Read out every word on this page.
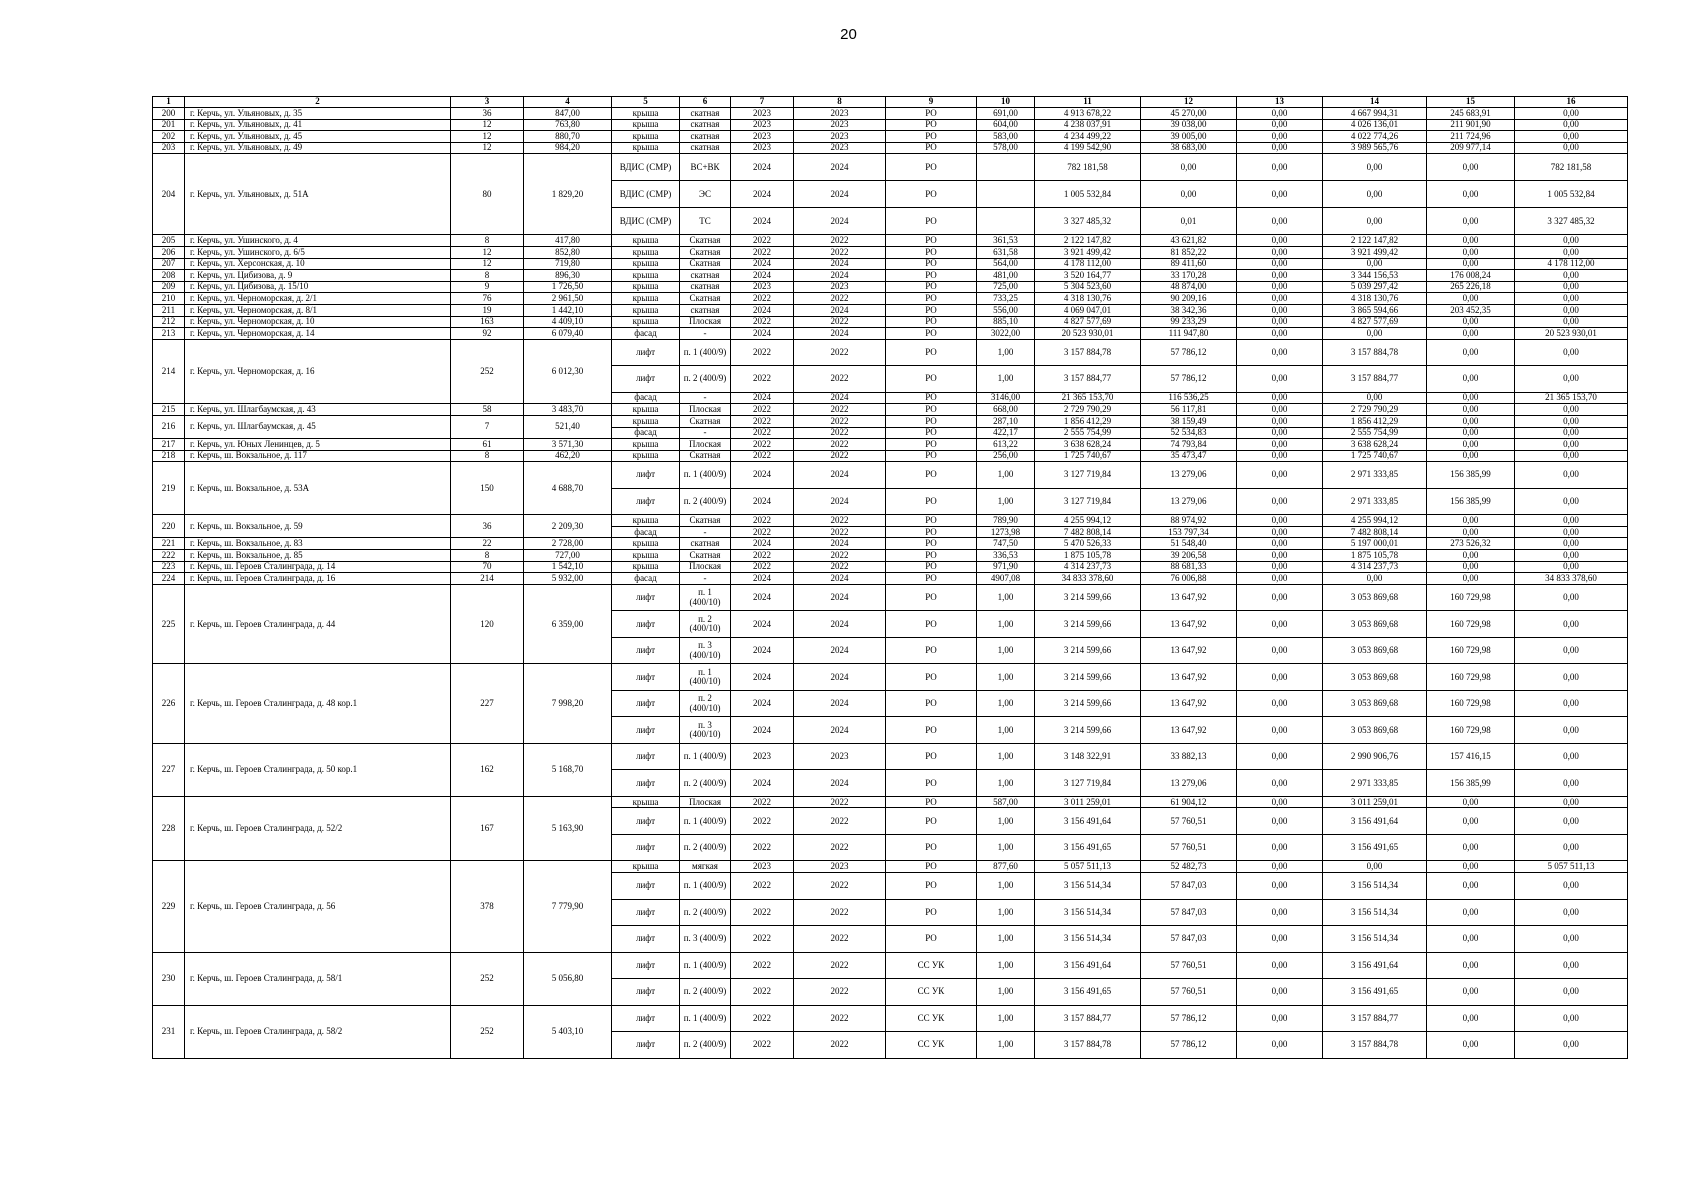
20
1	2	3	4	5	6	7	8	9	10	11	12	13	14	15	16
200	г. Керчь, ул. Ульяновых, д. 35	36	847,00	крыша	скатная	2023	2023	РО	691,00	4 913 678,22	45 270,00	0,00	4 667 994,31	245 683,91	0,00
201	г. Керчь, ул. Ульяновых, д. 41	12	763,80	крыша	скатная	2023	2023	РО	604,00	4 238 037,91	39 038,00	0,00	4 026 136,01	211 901,90	0,00
202	г. Керчь, ул. Ульяновых, д. 45	12	880,70	крыша	скатная	2023	2023	РО	583,00	4 234 499,22	39 005,00	0,00	4 022 774,26	211 724,96	0,00
203	г. Керчь, ул. Ульяновых, д. 49	12	984,20	крыша	скатная	2023	2023	РО	578,00	4 199 542,90	38 683,00	0,00	3 989 565,76	209 977,14	0,00
204	г. Керчь, ул. Ульяновых, д. 51А	80	1 829,20	ВДИС (СМР)	ВС+ВК	2024	2024	РО		782 181,58	0,00	0,00	0,00	0,00	782 181,58
				ВДИС (СМР)	ЭС	2024	2024	РО		1 005 532,84	0,00	0,00	0,00	0,00	1 005 532,84
				ВДИС (СМР)	ТС	2024	2024	РО		3 327 485,32	0,01	0,00	0,00	0,00	3 327 485,32
205	г. Керчь, ул. Ушинского, д. 4	8	417,80	крыша	Скатная	2022	2022	РО	361,53	2 122 147,82	43 621,82	0,00	2 122 147,82	0,00	0,00
206	г. Керчь, ул. Ушинского, д. 6/5	12	852,80	крыша	Скатная	2022	2022	РО	631,58	3 921 499,42	81 852,22	0,00	3 921 499,42	0,00	0,00
207	г. Керчь, ул. Херсонская, д. 10	12	719,80	крыша	Скатная	2024	2024	РО	564,00	4 178 112,00	89 411,60	0,00	0,00	0,00	4 178 112,00
208	г. Керчь, ул. Цибизова, д. 9	8	896,30	крыша	скатная	2024	2024	РО	481,00	3 520 164,77	33 170,28	0,00	3 344 156,53	176 008,24	0,00
209	г. Керчь, ул. Цибизова, д. 15/10	9	1 726,50	крыша	скатная	2023	2023	РО	725,00	5 304 523,60	48 874,00	0,00	5 039 297,42	265 226,18	0,00
210	г. Керчь, ул. Черноморская, д. 2/1	76	2 961,50	крыша	Скатная	2022	2022	РО	733,25	4 318 130,76	90 209,16	0,00	4 318 130,76	0,00	0,00
211	г. Керчь, ул. Черноморская, д. 8/1	19	1 442,10	крыша	скатная	2024	2024	РО	556,00	4 069 047,01	38 342,36	0,00	3 865 594,66	203 452,35	0,00
212	г. Керчь, ул. Черноморская, д. 10	163	4 409,10	крыша	Плоская	2022	2022	РО	885,10	4 827 577,69	99 233,29	0,00	4 827 577,69	0,00	0,00
213	г. Керчь, ул. Черноморская, д. 14	92	6 079,40	фасад	-	2024	2024	РО	3022,00	20 523 930,01	111 947,80	0,00	0,00	0,00	20 523 930,01
214	г. Керчь, ул. Черноморская, д. 16	252	6 012,30	лифт	п. 1 (400/9)	2022	2022	РО	1,00	3 157 884,78	57 786,12	0,00	3 157 884,78	0,00	0,00
				лифт	п. 2 (400/9)	2022	2022	РО	1,00	3 157 884,77	57 786,12	0,00	3 157 884,77	0,00	0,00
				фасад	-	2024	2024	РО	3146,00	21 365 153,70	116 536,25	0,00	0,00	0,00	21 365 153,70
215	г. Керчь, ул. Шлагбаумская, д. 43	58	3 483,70	крыша	Плоская	2022	2022	РО	668,00	2 729 790,29	56 117,81	0,00	2 729 790,29	0,00	0,00
216	г. Керчь, ул. Шлагбаумская, д. 45	7	521,40	крыша	Скатная	2022	2022	РО	287,10	1 856 412,29	38 159,49	0,00	1 856 412,29	0,00	0,00
				фасад	-	2022	2022	РО	422,17	2 555 754,99	52 534,83	0,00	2 555 754,99	0,00	0,00
217	г. Керчь, ул. Юных Ленинцев, д. 5	61	3 571,30	крыша	Плоская	2022	2022	РО	613,22	3 638 628,24	74 793,84	0,00	3 638 628,24	0,00	0,00
218	г. Керчь, ш. Вокзальное, д. 117	8	462,20	крыша	Скатная	2022	2022	РО	256,00	1 725 740,67	35 473,47	0,00	1 725 740,67	0,00	0,00
219	г. Керчь, ш. Вокзальное, д. 53А	150	4 688,70	лифт	п. 1 (400/9)	2024	2024	РО	1,00	3 127 719,84	13 279,06	0,00	2 971 333,85	156 385,99	0,00
				лифт	п. 2 (400/9)	2024	2024	РО	1,00	3 127 719,84	13 279,06	0,00	2 971 333,85	156 385,99	0,00
220	г. Керчь, ш. Вокзальное, д. 59	36	2 209,30	крыша	Скатная	2022	2022	РО	789,90	4 255 994,12	88 974,92	0,00	4 255 994,12	0,00	0,00
				фасад	-	2022	2022	РО	1273,98	7 482 808,14	153 797,34	0,00	7 482 808,14	0,00	0,00
221	г. Керчь, ш. Вокзальное, д. 83	22	2 728,00	крыша	скатная	2024	2024	РО	747,50	5 470 526,33	51 548,40	0,00	5 197 000,01	273 526,32	0,00
222	г. Керчь, ш. Вокзальное, д. 85	8	727,00	крыша	Скатная	2022	2022	РО	336,53	1 875 105,78	39 206,58	0,00	1 875 105,78	0,00	0,00
223	г. Керчь, ш. Героев Сталинграда, д. 14	70	1 542,10	крыша	Плоская	2022	2022	РО	971,90	4 314 237,73	88 681,33	0,00	4 314 237,73	0,00	0,00
224	г. Керчь, ш. Героев Сталинграда, д. 16	214	5 932,00	фасад	-	2024	2024	РО	4907,08	34 833 378,60	76 006,88	0,00	0,00	0,00	34 833 378,60
225	г. Керчь, ш. Героев Сталинграда, д. 44	120	6 359,00	лифт	п. 1 (400/10)	2024	2024	РО	1,00	3 214 599,66	13 647,92	0,00	3 053 869,68	160 729,98	0,00
				лифт	п. 2 (400/10)	2024	2024	РО	1,00	3 214 599,66	13 647,92	0,00	3 053 869,68	160 729,98	0,00
				лифт	п. 3 (400/10)	2024	2024	РО	1,00	3 214 599,66	13 647,92	0,00	3 053 869,68	160 729,98	0,00
226	г. Керчь, ш. Героев Сталинграда, д. 48 кор.1	227	7 998,20	лифт	п. 1 (400/10)	2024	2024	РО	1,00	3 214 599,66	13 647,92	0,00	3 053 869,68	160 729,98	0,00
				лифт	п. 2 (400/10)	2024	2024	РО	1,00	3 214 599,66	13 647,92	0,00	3 053 869,68	160 729,98	0,00
				лифт	п. 3 (400/10)	2024	2024	РО	1,00	3 214 599,66	13 647,92	0,00	3 053 869,68	160 729,98	0,00
227	г. Керчь, ш. Героев Сталинграда, д. 50 кор.1	162	5 168,70	лифт	п. 1 (400/9)	2023	2023	РО	1,00	3 148 322,91	33 882,13	0,00	2 990 906,76	157 416,15	0,00
				лифт	п. 2 (400/9)	2024	2024	РО	1,00	3 127 719,84	13 279,06	0,00	2 971 333,85	156 385,99	0,00
228	г. Керчь, ш. Героев Сталинграда, д. 52/2	167	5 163,90	крыша	Плоская	2022	2022	РО	587,00	3 011 259,01	61 904,12	0,00	3 011 259,01	0,00	0,00
				лифт	п. 1 (400/9)	2022	2022	РО	1,00	3 156 491,64	57 760,51	0,00	3 156 491,64	0,00	0,00
				лифт	п. 2 (400/9)	2022	2022	РО	1,00	3 156 491,65	57 760,51	0,00	3 156 491,65	0,00	0,00
229	г. Керчь, ш. Героев Сталинграда, д. 56	378	7 779,90	крыша	мягкая	2023	2023	РО	877,60	5 057 511,13	52 482,73	0,00	0,00	0,00	5 057 511,13
				лифт	п. 1 (400/9)	2022	2022	РО	1,00	3 156 514,34	57 847,03	0,00	3 156 514,34	0,00	0,00
				лифт	п. 2 (400/9)	2022	2022	РО	1,00	3 156 514,34	57 847,03	0,00	3 156 514,34	0,00	0,00
				лифт	п. 3 (400/9)	2022	2022	РО	1,00	3 156 514,34	57 847,03	0,00	3 156 514,34	0,00	0,00
230	г. Керчь, ш. Героев Сталинграда, д. 58/1	252	5 056,80	лифт	п. 1 (400/9)	2022	2022	СС УК	1,00	3 156 491,64	57 760,51	0,00	3 156 491,64	0,00	0,00
				лифт	п. 2 (400/9)	2022	2022	СС УК	1,00	3 156 491,65	57 760,51	0,00	3 156 491,65	0,00	0,00
231	г. Керчь, ш. Героев Сталинграда, д. 58/2	252	5 403,10	лифт	п. 1 (400/9)	2022	2022	СС УК	1,00	3 157 884,77	57 786,12	0,00	3 157 884,77	0,00	0,00
				лифт	п. 2 (400/9)	2022	2022	СС УК	1,00	3 157 884,78	57 786,12	0,00	3 157 884,78	0,00	0,00
